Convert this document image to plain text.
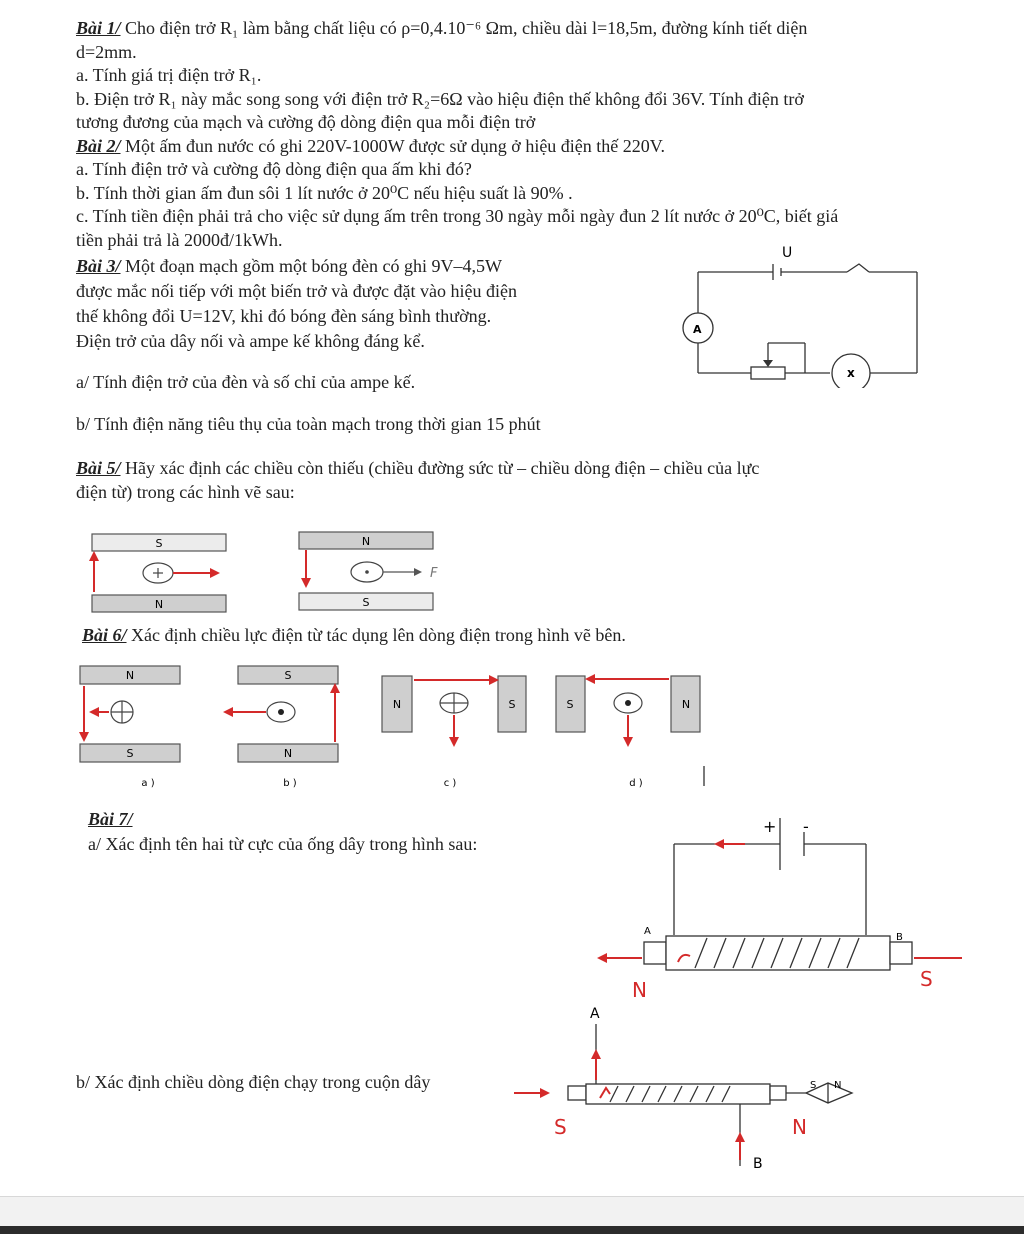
Bài 1/ Cho điện trở R₁ làm bằng chất liệu có ρ=0,4.10⁻⁶ Ωm, chiều dài l=18,5m, đường kính tiết diện
d=2mm.
a. Tính giá trị điện trở R₁.
b. Điện trở R₁ này mắc song song với điện trở R₂=6Ω vào hiệu điện thế không đổi 36V. Tính điện trở
tương đương của mạch và cường độ dòng điện qua mỗi điện trở
Bài 2/ Một ấm đun nước có ghi 220V-1000W được sử dụng ở hiệu điện thế 220V.
a. Tính điện trở và cường độ dòng điện qua ấm khi đó?
b. Tính thời gian ấm đun sôi 1 lít nước ở 20⁰C nếu hiệu suất là 90% .
c. Tính tiền điện phải trả cho việc sử dụng ấm trên trong 30 ngày mỗi ngày đun 2 lít nước ở 20⁰C, biết giá
tiền phải trả là 2000đ/1kWh.
Bài 3/ Một đoạn mạch gồm một bóng đèn có ghi 9V–4,5W
được mắc nối tiếp với một biến trở và được đặt vào hiệu điện
thế không đổi U=12V, khi đó bóng đèn sáng bình thường.
Điện trở của dây nối và ampe kế không đáng kể.
a/ Tính điện trở của đèn và số chỉ của ampe kế.
b/ Tính điện năng tiêu thụ của toàn mạch trong thời gian 15 phút
U
A
x
Bài 5/ Hãy xác định các chiều còn thiếu (chiều đường sức từ – chiều dòng điện – chiều của lực
điện từ) trong các hình vẽ sau:
S
N
N
S
F
Bài 6/ Xác định chiều lực điện từ tác dụng lên dòng điện trong hình vẽ bên.
N
S
a )
S
N
b )
N	S
c )
S	N
d )
Bài 7/
a/ Xác định tên hai từ cực của ống dây trong hình sau:
b/ Xác định chiều dòng điện chạy trong cuộn dây
+ -
A
B
N	S
A
S N
B
S	N
